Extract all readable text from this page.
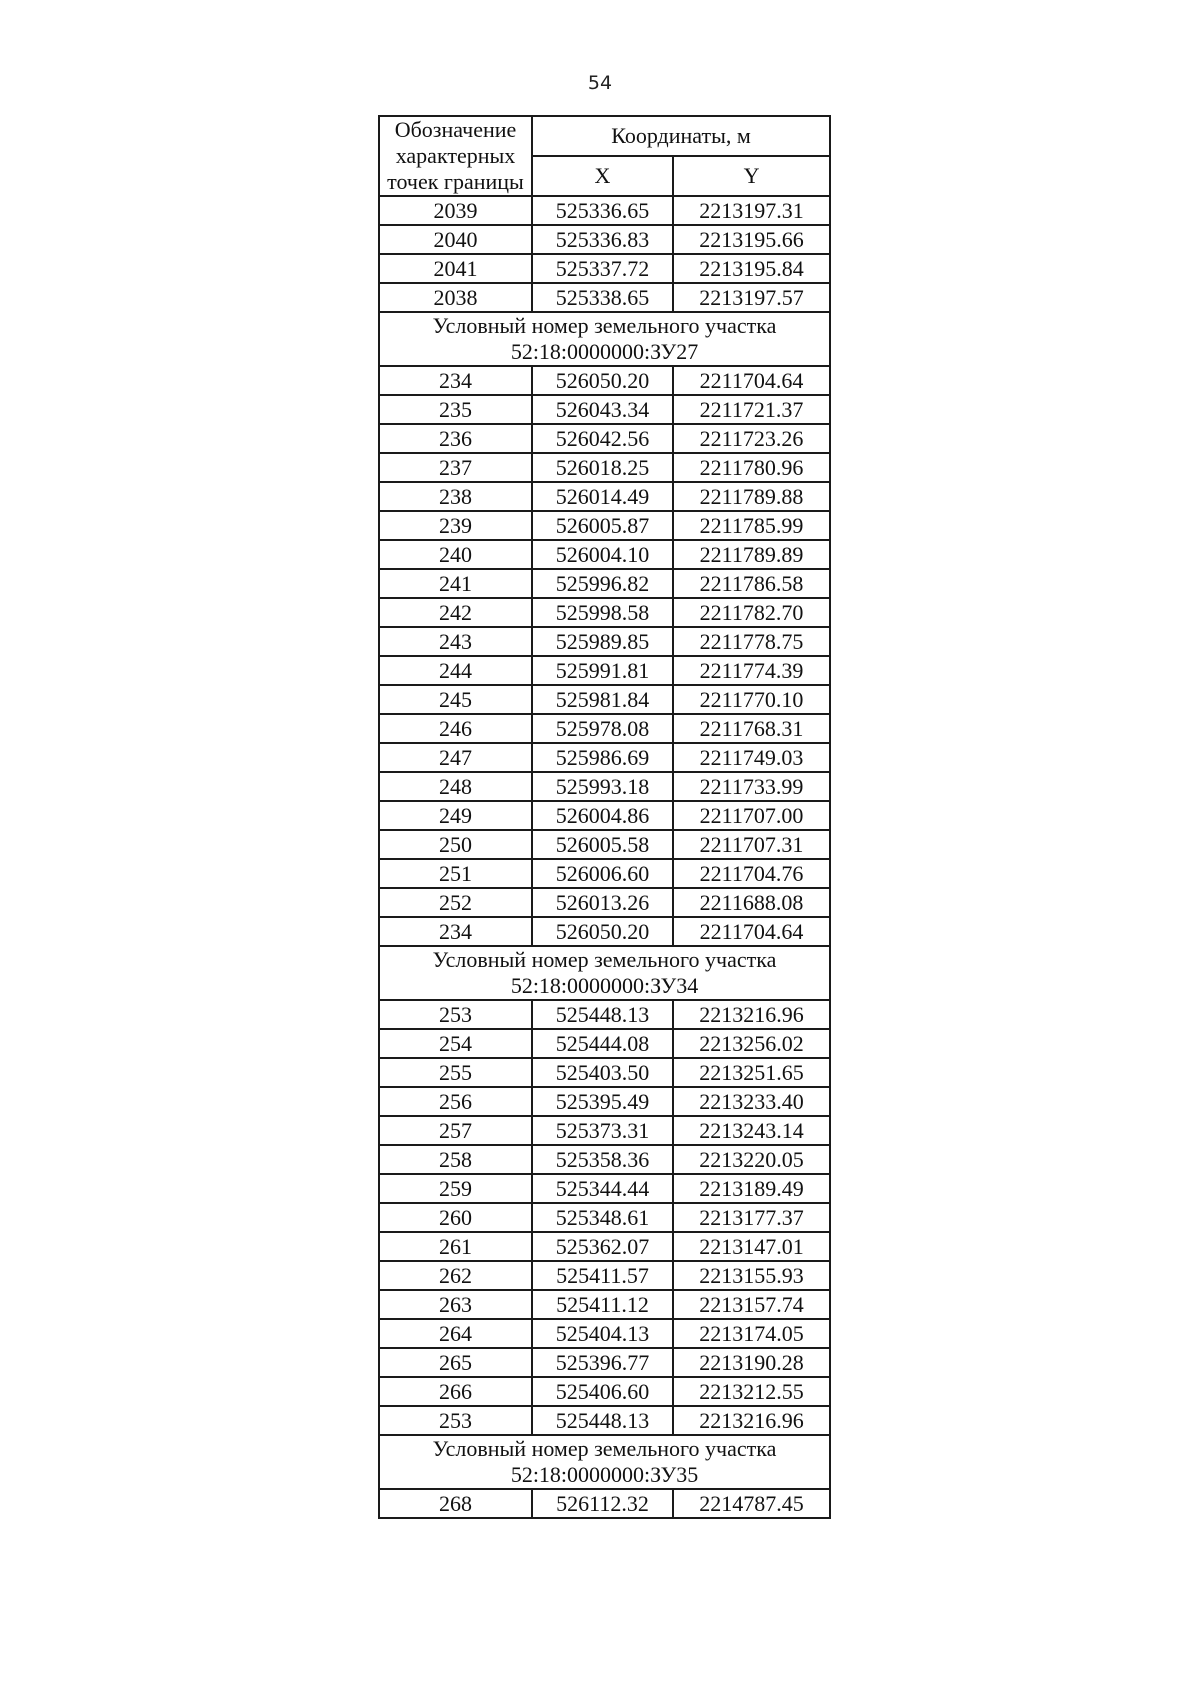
54
Обозначение характерных точек границы	Координаты, м	
	X	Y
2039	525336.65	2213197.31
2040	525336.83	2213195.66
2041	525337.72	2213195.84
2038	525338.65	2213197.57

Условный номер земельного участка
52:18:0000000:ЗУ27		

234	526050.20	2211704.64
235	526043.34	2211721.37
236	526042.56	2211723.26
237	526018.25	2211780.96
238	526014.49	2211789.88
239	526005.87	2211785.99
240	526004.10	2211789.89
241	525996.82	2211786.58
242	525998.58	2211782.70
243	525989.85	2211778.75
244	525991.81	2211774.39
245	525981.84	2211770.10
246	525978.08	2211768.31
247	525986.69	2211749.03
248	525993.18	2211733.99
249	526004.86	2211707.00
250	526005.58	2211707.31
251	526006.60	2211704.76
252	526013.26	2211688.08
234	526050.20	2211704.64

Условный номер земельного участка
52:18:0000000:ЗУ34		

253	525448.13	2213216.96
254	525444.08	2213256.02
255	525403.50	2213251.65
256	525395.49	2213233.40
257	525373.31	2213243.14
258	525358.36	2213220.05
259	525344.44	2213189.49
260	525348.61	2213177.37
261	525362.07	2213147.01
262	525411.57	2213155.93
263	525411.12	2213157.74
264	525404.13	2213174.05
265	525396.77	2213190.28
266	525406.60	2213212.55
253	525448.13	2213216.96

Условный номер земельного участка
52:18:0000000:ЗУ35		

268	526112.32	2214787.45
